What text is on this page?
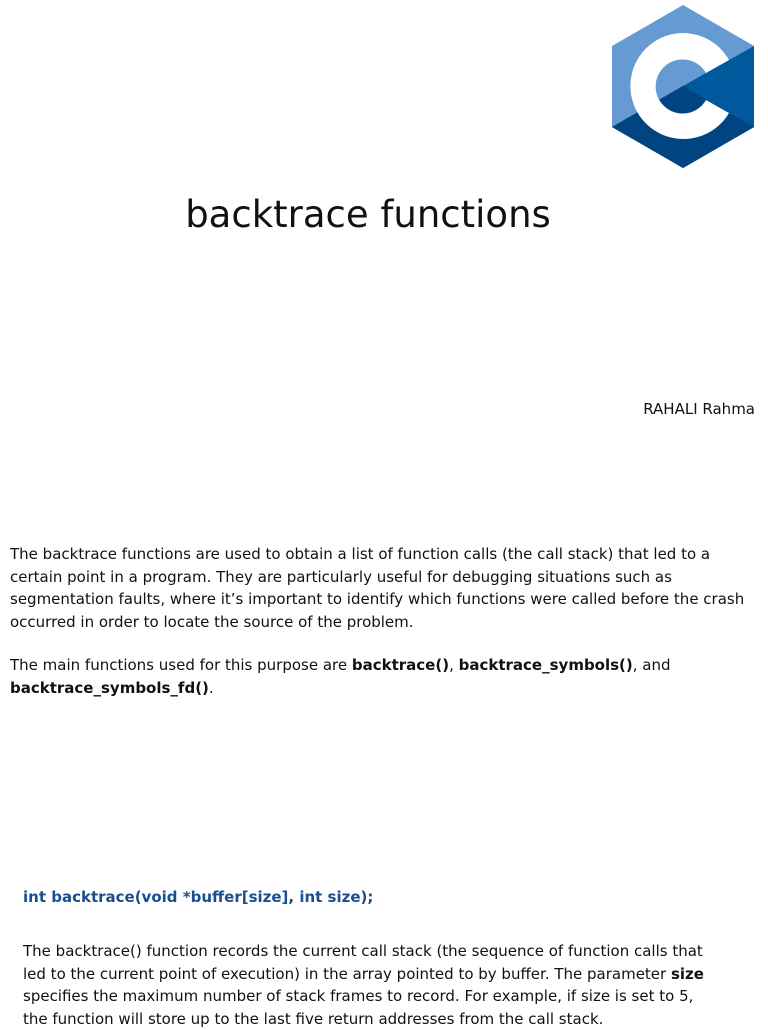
backtrace functions
RAHALI Rahma

The backtrace functions are used to obtain a list of function calls (the call stack) that led to a certain point in a program. They are particularly useful for debugging situations such as segmentation faults, where it’s important to identify which functions were called before the crash occurred in order to locate the source of the problem.

The main functions used for this purpose are backtrace(), backtrace_symbols(), and backtrace_symbols_fd().

int backtrace(void *buffer[size], int size);

The backtrace() function records the current call stack (the sequence of function calls that led to the current point of execution) in the array pointed to by buffer. The parameter size specifies the maximum number of stack frames to record. For example, if size is set to 5, the function will store up to the last five return addresses from the call stack.
